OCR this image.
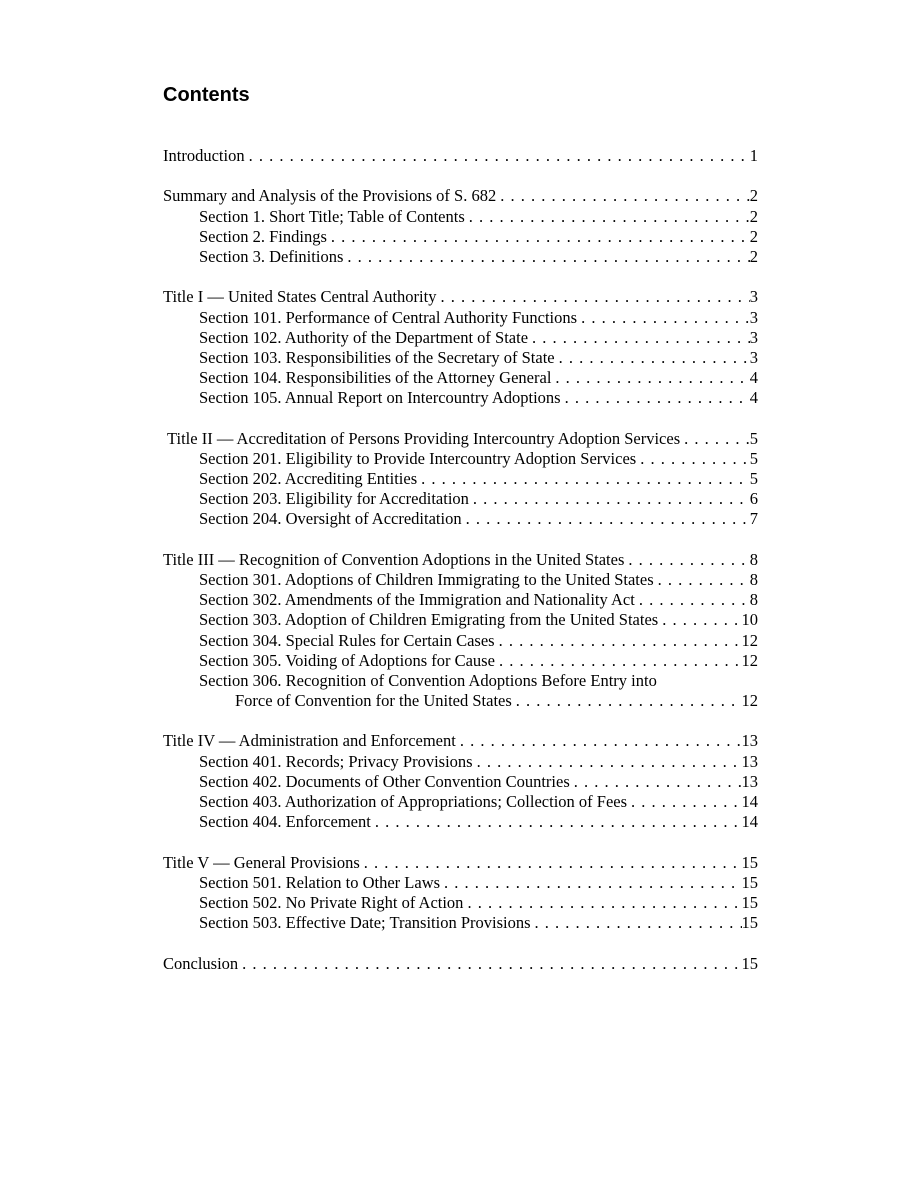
Contents
Introduction . . .	1
Summary and Analysis of the Provisions of S. 682 . . .	2
Section 1. Short Title; Table of Contents . . .	2
Section 2. Findings . . .	2
Section 3. Definitions . . .	2
Title I — United States Central Authority . . .	3
Section 101. Performance of Central Authority Functions . . .	3
Section 102. Authority of the Department of State . . .	3
Section 103. Responsibilities of the Secretary of State . . .	3
Section 104. Responsibilities of the Attorney General . . .	4
Section 105. Annual Report on Intercountry Adoptions . . .	4
Title II — Accreditation of Persons Providing Intercountry Adoption Services . . .	5
Section 201. Eligibility to Provide Intercountry Adoption Services . . .	5
Section 202. Accrediting Entities . . .	5
Section 203. Eligibility for Accreditation . . .	6
Section 204. Oversight of Accreditation . . .	7
Title III — Recognition of Convention Adoptions in the United States . . .	8
Section 301. Adoptions of Children Immigrating to the United States . . .	8
Section 302. Amendments of the Immigration and Nationality Act . . .	8
Section 303. Adoption of Children Emigrating from the United States . . .	10
Section 304. Special Rules for Certain Cases . . .	12
Section 305. Voiding of Adoptions for Cause . . .	12
Section 306. Recognition of Convention Adoptions Before Entry into
Force of Convention for the United States . . .	12
Title IV — Administration and Enforcement . . .	13
Section 401. Records; Privacy Provisions . . .	13
Section 402. Documents of Other Convention Countries . . .	13
Section 403. Authorization of Appropriations; Collection of Fees . . .	14
Section 404. Enforcement . . .	14
Title V — General Provisions . . .	15
Section 501. Relation to Other Laws . . .	15
Section 502. No Private Right of Action . . .	15
Section 503. Effective Date; Transition Provisions . . .	15
Conclusion . . .	15
